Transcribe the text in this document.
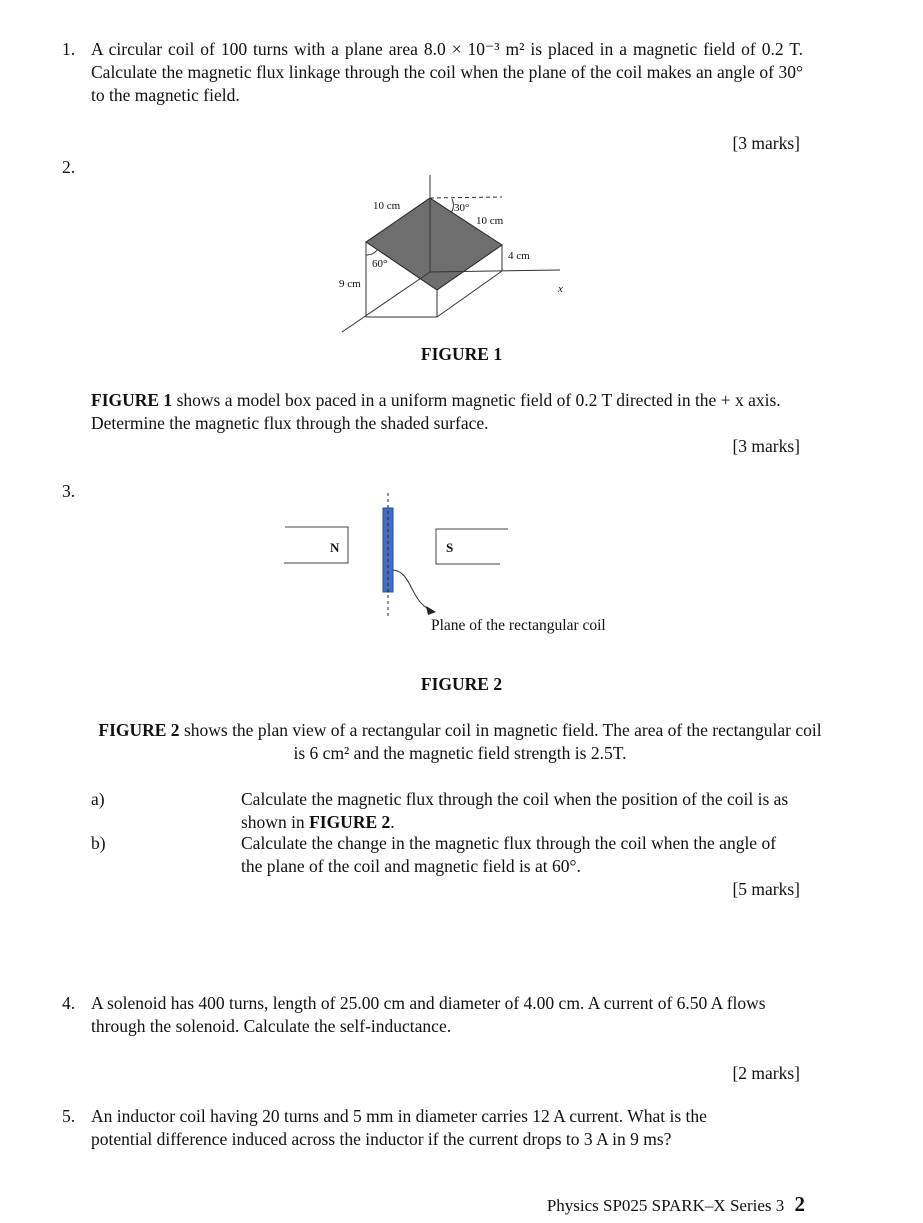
1. A circular coil of 100 turns with a plane area 8.0 × 10⁻³ m² is placed in a magnetic field of 0.2 T. Calculate the magnetic flux linkage through the coil when the plane of the coil makes an angle of 30° to the magnetic field.
[3 marks]
2.
10 cm	30°
10 cm
4 cm
60°
9 cm	x
FIGURE 1
FIGURE 1 shows a model box paced in a uniform magnetic field of 0.2 T directed in the + x axis. Determine the magnetic flux through the shaded surface.
[3 marks]
3.
N	S
Plane of the rectangular coil
FIGURE 2
FIGURE 2 shows the plan view of a rectangular coil in magnetic field. The area of the rectangular coil is 6 cm² and the magnetic field strength is 2.5T.
a)	Calculate the magnetic flux through the coil when the position of the coil is as shown in FIGURE 2.
b)	Calculate the change in the magnetic flux through the coil when the angle of the plane of the coil and magnetic field is at 60°.
[5 marks]
4. A solenoid has 400 turns, length of 25.00 cm and diameter of 4.00 cm. A current of 6.50 A flows through the solenoid. Calculate the self-inductance.
[2 marks]
5. An inductor coil having 20 turns and 5 mm in diameter carries 12 A current. What is the potential difference induced across the inductor if the current drops to 3 A in 9 ms?
Physics SP025 SPARK–X Series 3 2
